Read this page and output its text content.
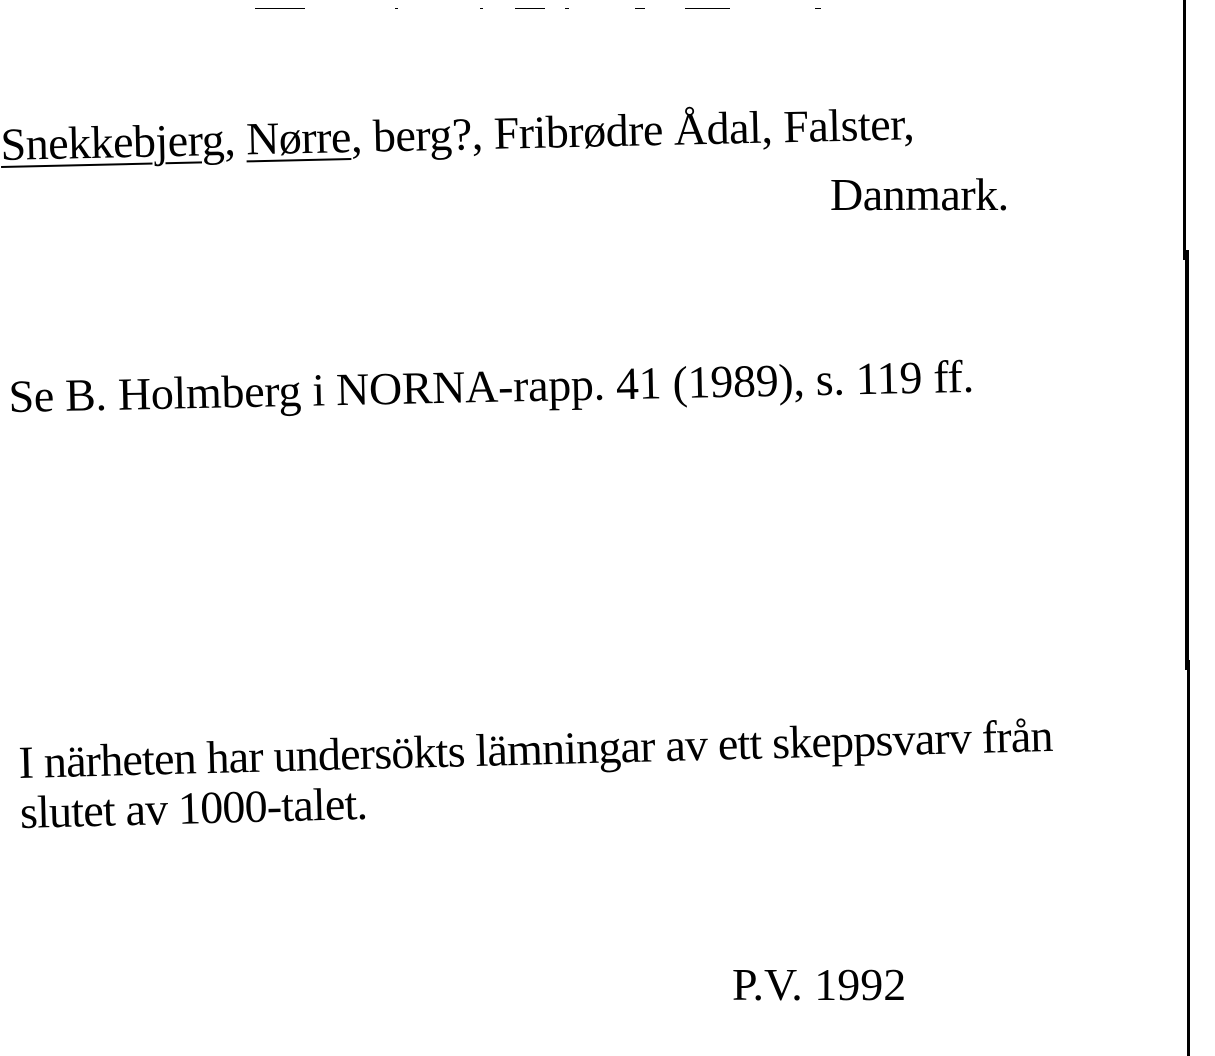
Snekkebjerg, Nørre, berg?, Fribrødre Ådal, Falster,
Danmark.
Se B. Holmberg i NORNA-rapp. 41 (1989), s. 119 ff.
I närheten har undersökts lämningar av ett skeppsvarv från
slutet av 1000-talet.
P.V. 1992
